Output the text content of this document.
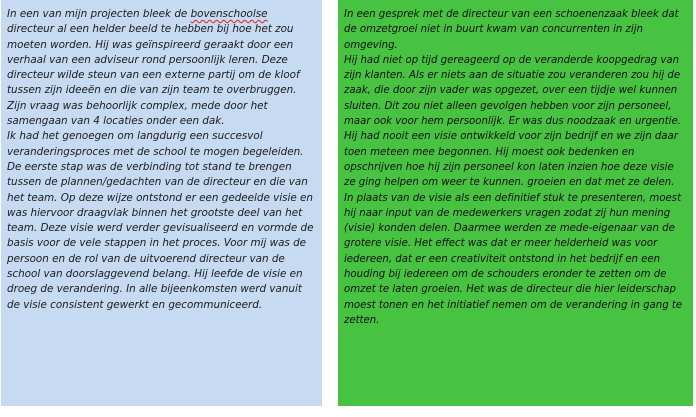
In een van mijn projecten bleek de bovenschoolse directeur al een helder beeld te hebben bij hoe het zou moeten worden. Hij was geïnspireerd geraakt door een verhaal van een adviseur rond persoonlijk leren. Deze directeur wilde steun van een externe partij om de kloof tussen zijn ideeën en die van zijn team te overbruggen.

Zijn vraag was behoorlijk complex, mede door het samengaan van 4 locaties onder een dak.

Ik had het genoegen om langdurig een succesvol veranderingsproces met de school te mogen begeleiden. De eerste stap was de verbinding tot stand te brengen tussen de plannen/gedachten van de directeur en die van het team. Op deze wijze ontstond er een gedeelde visie en was hiervoor draagvlak binnen het grootste deel van het team. Deze visie werd verder gevisualiseerd en vormde de basis voor de vele stappen in het proces. Voor mij was de persoon en de rol van de uitvoerend directeur van de school van doorslaggevend belang. Hij leefde de visie en droeg de verandering. In alle bijeenkomsten werd vanuit de visie consistent gewerkt en gecommuniceerd.

In een gesprek met de directeur van een schoenenzaak bleek dat de omzetgroei niet in buurt kwam van concurrenten in zijn omgeving.

Hij had niet op tijd gereageerd op de veranderde koopgedrag van zijn klanten. Als er niets aan de situatie zou veranderen zou hij de zaak, die door zijn vader was opgezet, over een tijdje wel kunnen sluiten. Dit zou niet alleen gevolgen hebben voor zijn personeel, maar ook voor hem persoonlijk. Er was dus noodzaak en urgentie. Hij had nooit een visie ontwikkeld voor zijn bedrijf en we zijn daar toen meteen mee begonnen. Hij moest ook bedenken en opschrijven hoe hij zijn personeel kon laten inzien hoe deze visie ze ging helpen om weer te kunnen. groeien en dat met ze delen. In plaats van de visie als een definitief stuk te presenteren, moest hij naar input van de medewerkers vragen zodat zij hun mening (visie) konden delen. Daarmee werden ze mede-eigenaar van de grotere visie. Het effect was dat er meer helderheid was voor iedereen, dat er een creativiteit ontstond in het bedrijf en een houding bij iedereen om de schouders eronder te zetten om de omzet te laten groeien. Het was de directeur die hier leiderschap moest tonen en het initiatief nemen om de verandering in gang te zetten.
